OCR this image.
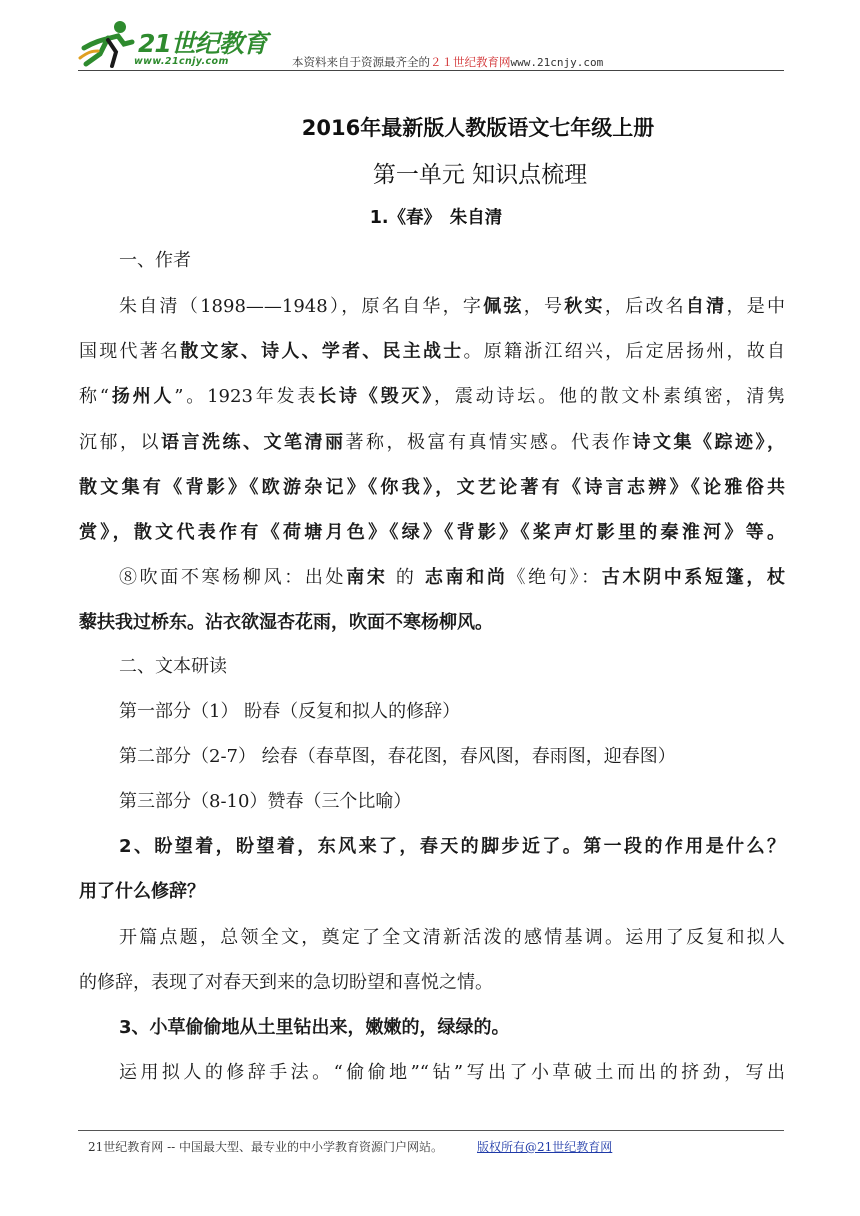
21世纪教育
www.21cnjy.com	本资料来自于资源最齐全的２１世纪教育网www.21cnjy.com
2016年最新版人教版语文七年级上册
第一单元 知识点梳理
1.《春》　朱自清
一、作者
朱自清（1898——1948），原名自华，字佩弦，号秋实，后改名自清，是中
国现代著名散文家、诗人、学者、民主战士。原籍浙江绍兴，后定居扬州，故自
称“扬州人”。1923年发表长诗《毁灭》，震动诗坛。他的散文朴素缜密，清隽
沉郁，以语言洗练、文笔清丽著称，极富有真情实感。代表作诗文集《踪迹》，
散文集有《背影》《欧游杂记》《你我》，文艺论著有《诗言志辨》《论雅俗共
赏》，散文代表作有《荷塘月色》《绿》《背影》《桨声灯影里的秦淮河》等。
⑧吹面不寒杨柳风：出处南宋 的 志南和尚《绝句》：古木阴中系短篷，杖
藜扶我过桥东。沾衣欲湿杏花雨，吹面不寒杨柳风。
二、文本研读
第一部分（1） 盼春（反复和拟人的修辞）
第二部分（2-7） 绘春（春草图，春花图，春风图，春雨图，迎春图）
第三部分（8-10）赞春（三个比喻）
2、盼望着，盼望着，东风来了，春天的脚步近了。第一段的作用是什么？
用了什么修辞？
开篇点题，总领全文，奠定了全文清新活泼的感情基调。运用了反复和拟人
的修辞，表现了对春天到来的急切盼望和喜悦之情。
3、小草偷偷地从土里钻出来，嫩嫩的，绿绿的。
运用拟人的修辞手法。“偷偷地”“钻”写出了小草破土而出的挤劲，写出
21世纪教育网 -- 中国最大型、最专业的中小学教育资源门户网站。	版权所有@21世纪教育网
